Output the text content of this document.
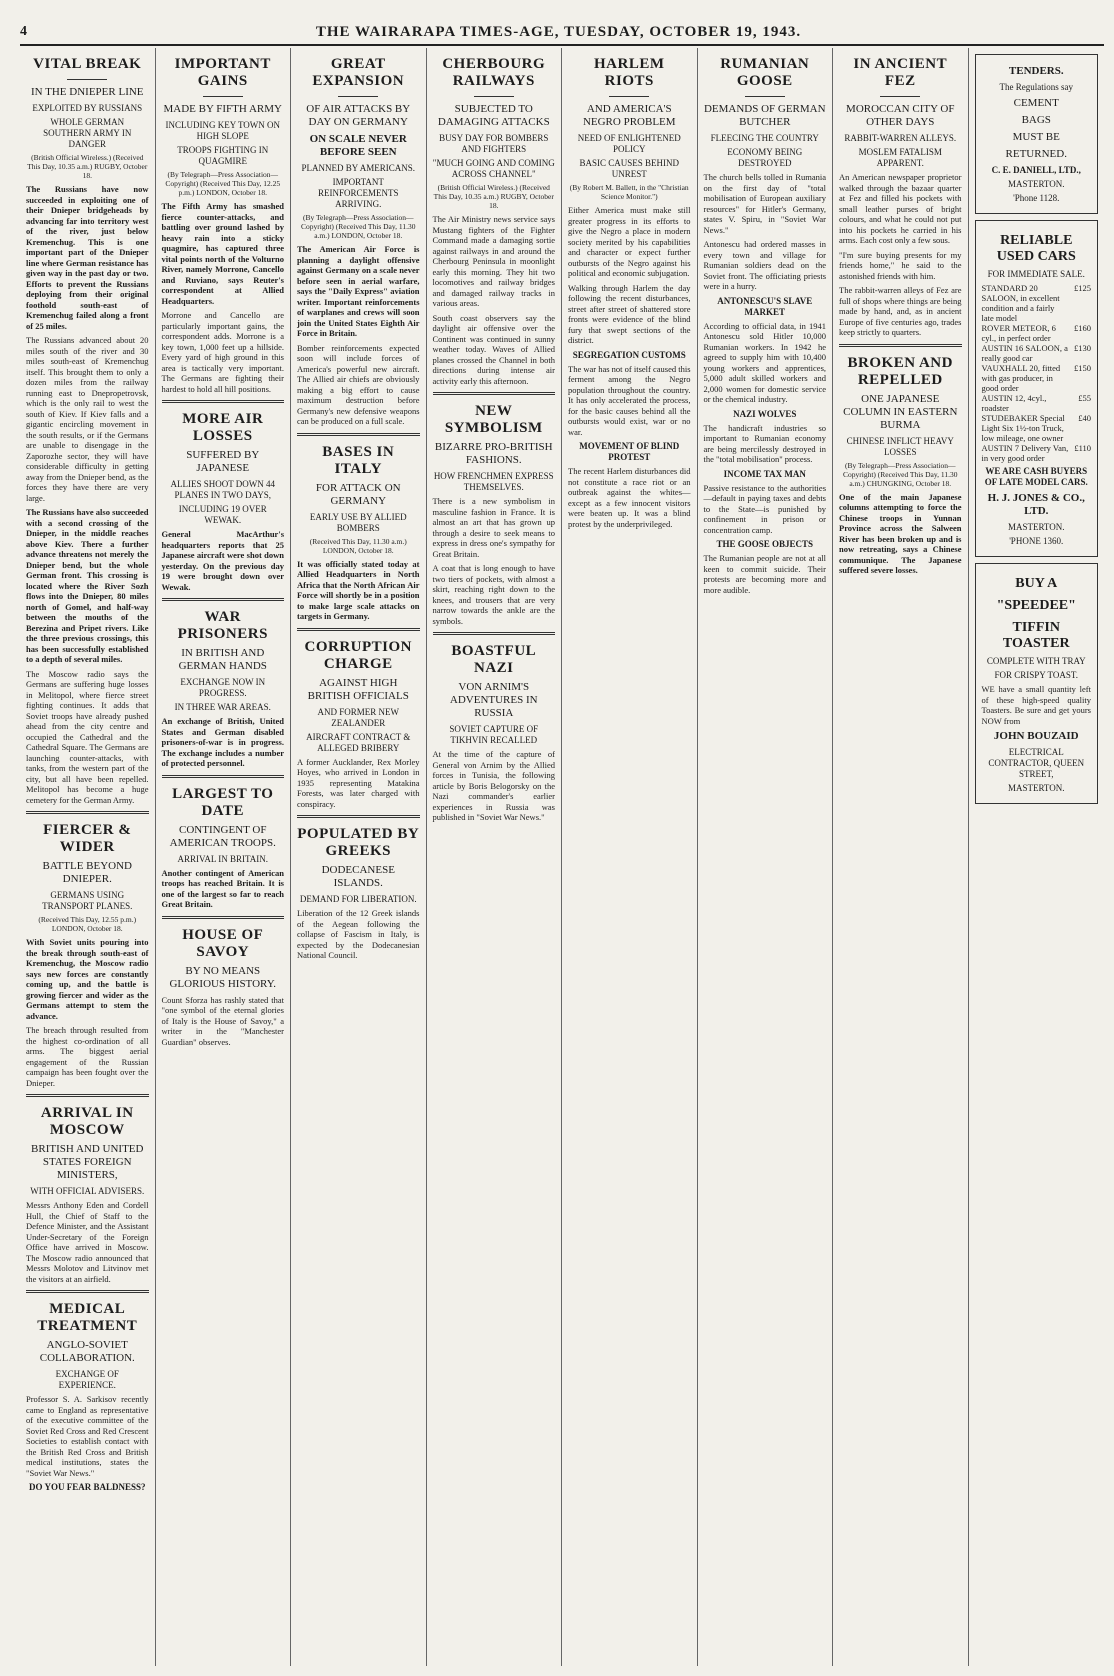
4	THE WAIRARAPA TIMES-AGE, TUESDAY, OCTOBER 19, 1943.
VITAL BREAK
IN THE DNIEPER LINE
EXPLOITED BY RUSSIANS
WHOLE GERMAN SOUTHERN ARMY IN DANGER
(British Official Wireless.) (Received This Day, 10.35 a.m.) RUGBY, October 18.
The Russians have now succeeded in exploiting one of their Dnieper bridgeheads by advancing far into territory west of the river, just below Kremenchug. This is one important part of the Dnieper line where German resistance has given way in the past day or two. Efforts to prevent the Russians deploying from their original foothold south-east of Kremenchug failed along a front of 25 miles.
The Russians advanced about 20 miles south of the river and 30 miles south-east of Kremenchug itself. This brought them to only a dozen miles from the railway running east to Dnepropetrovsk, which is the only rail to west the south of Kiev. If Kiev falls and a gigantic encircling movement in the south results, or if the Germans are unable to disengage in the Zaporozhe sector, they will have considerable difficulty in getting away from the Dnieper bend, as the forces they have there are very large.
The Russians have also succeeded with a second crossing of the Dnieper, in the middle reaches above Kiev. There a further advance threatens not merely the Dnieper bend, but the whole German front. This crossing is located where the River Sozh flows into the Dnieper, 80 miles north of Gomel, and half-way between the mouths of the Berezina and Pripet rivers. Like the three previous crossings, this has been successfully established to a depth of several miles.
The Moscow radio says the Germans are suffering huge losses in Melitopol, where fierce street fighting continues. It adds that Soviet troops have already pushed ahead from the city centre and occupied the Cathedral and the Cathedral Square. The Germans are launching counter-attacks, with tanks, from the western part of the city, but all have been repelled. Melitopol has become a huge cemetery for the German Army.
FIERCER & WIDER
BATTLE BEYOND DNIEPER.
GERMANS USING TRANSPORT PLANES.
(Received This Day, 12.55 p.m.) LONDON, October 18.
With Soviet units pouring into the break through south-east of Kremenchug, the Moscow radio says new forces are constantly coming up, and the battle is growing fiercer and wider as the Germans attempt to stem the advance.
The breach through resulted from the highest co-ordination of all arms. The biggest aerial engagement of the Russian campaign has been fought over the Dnieper.
ARRIVAL IN MOSCOW
BRITISH AND UNITED STATES FOREIGN MINISTERS,
WITH OFFICIAL ADVISERS.
Messrs Anthony Eden and Cordell Hull, the Chief of Staff to the Defence Minister, and the Assistant Under-Secretary of the Foreign Office have arrived in Moscow. The Moscow radio announced that Messrs Molotov and Litvinov met the visitors at an airfield.
MEDICAL TREATMENT
ANGLO-SOVIET COLLABORATION.
EXCHANGE OF EXPERIENCE.
Professor S. A. Sarkisov recently came to England as representative of the executive committee of the Soviet Red Cross and Red Crescent Societies to establish contact with the British Red Cross and British medical institutions, states the "Soviet War News."
DO YOU FEAR BALDNESS?
IMPORTANT GAINS
MADE BY FIFTH ARMY
INCLUDING KEY TOWN ON HIGH SLOPE
TROOPS FIGHTING IN QUAGMIRE
(By Telegraph—Press Association—Copyright) (Received This Day, 12.25 p.m.) LONDON, October 18.
The Fifth Army has smashed fierce counter-attacks, and battling over ground lashed by heavy rain into a sticky quagmire, has captured three vital points north of the Volturno River, namely Morrone, Cancello and Ruviano, says Reuter's correspondent at Allied Headquarters.
Morrone and Cancello are particularly important gains, the correspondent adds. Morrone is a key town, 1,000 feet up a hillside. Every yard of high ground in this area is tactically very important. The Germans are fighting their hardest to hold all hill positions.
MORE AIR LOSSES
SUFFERED BY JAPANESE
ALLIES SHOOT DOWN 44 PLANES IN TWO DAYS,
INCLUDING 19 OVER WEWAK.
General MacArthur's headquarters reports that 25 Japanese aircraft were shot down yesterday. On the previous day 19 were brought down over Wewak.
WAR PRISONERS
IN BRITISH AND GERMAN HANDS
EXCHANGE NOW IN PROGRESS.
IN THREE WAR AREAS.
An exchange of British, United States and German disabled prisoners-of-war is in progress. The exchange includes a number of protected personnel.
LARGEST TO DATE
CONTINGENT OF AMERICAN TROOPS.
ARRIVAL IN BRITAIN.
Another contingent of American troops has reached Britain. It is one of the largest so far to reach Great Britain.
HOUSE OF SAVOY
BY NO MEANS GLORIOUS HISTORY.
Count Sforza has rashly stated that "one symbol of the eternal glories of Italy is the House of Savoy," a writer in the "Manchester Guardian" observes.
GREAT EXPANSION
OF AIR ATTACKS BY DAY ON GERMANY
ON SCALE NEVER BEFORE SEEN
PLANNED BY AMERICANS.
IMPORTANT REINFORCEMENTS ARRIVING.
(By Telegraph—Press Association—Copyright) (Received This Day, 11.30 a.m.) LONDON, October 18.
The American Air Force is planning a daylight offensive against Germany on a scale never before seen in aerial warfare, says the "Daily Express" aviation writer. Important reinforcements of warplanes and crews will soon join the United States Eighth Air Force in Britain.
Bomber reinforcements expected soon will include forces of America's powerful new aircraft. The Allied air chiefs are obviously making a big effort to cause maximum destruction before Germany's new defensive weapons can be produced on a full scale.
BASES IN ITALY
FOR ATTACK ON GERMANY
EARLY USE BY ALLIED BOMBERS
(Received This Day, 11.30 a.m.) LONDON, October 18.
It was officially stated today at Allied Headquarters in North Africa that the North African Air Force will shortly be in a position to make large scale attacks on targets in Germany.
CORRUPTION CHARGE
AGAINST HIGH BRITISH OFFICIALS
AND FORMER NEW ZEALANDER
AIRCRAFT CONTRACT & ALLEGED BRIBERY
A former Aucklander, Rex Morley Hoyes, who arrived in London in 1935 representing Matakina Forests, was later charged with conspiracy.
POPULATED BY GREEKS
DODECANESE ISLANDS.
DEMAND FOR LIBERATION.
Liberation of the 12 Greek islands of the Aegean following the collapse of Fascism in Italy, is expected by the Dodecanesian National Council.
CHERBOURG RAILWAYS
SUBJECTED TO DAMAGING ATTACKS
BUSY DAY FOR BOMBERS AND FIGHTERS
"MUCH GOING AND COMING ACROSS CHANNEL"
(British Official Wireless.) (Received This Day, 10.35 a.m.) RUGBY, October 18.
The Air Ministry news service says Mustang fighters of the Fighter Command made a damaging sortie against railways in and around the Cherbourg Peninsula in moonlight early this morning. They hit two locomotives and railway bridges and damaged railway tracks in various areas.
South coast observers say the daylight air offensive over the Continent was continued in sunny weather today. Waves of Allied planes crossed the Channel in both directions during intense air activity early this afternoon.
NEW SYMBOLISM
BIZARRE PRO-BRITISH FASHIONS.
HOW FRENCHMEN EXPRESS THEMSELVES.
There is a new symbolism in masculine fashion in France. It is almost an art that has grown up through a desire to seek means to express in dress one's sympathy for Great Britain.
A coat that is long enough to have two tiers of pockets, with almost a skirt, reaching right down to the knees, and trousers that are very narrow towards the ankle are the symbols.
BOASTFUL NAZI
VON ARNIM'S ADVENTURES IN RUSSIA
SOVIET CAPTURE OF TIKHVIN RECALLED
At the time of the capture of General von Arnim by the Allied forces in Tunisia, the following article by Boris Belogorsky on the Nazi commander's earlier experiences in Russia was published in "Soviet War News."
HARLEM RIOTS
AND AMERICA'S NEGRO PROBLEM
NEED OF ENLIGHTENED POLICY
BASIC CAUSES BEHIND UNREST
(By Robert M. Ballett, in the "Christian Science Monitor.")
Either America must make still greater progress in its efforts to give the Negro a place in modern society merited by his capabilities and character or expect further outbursts of the Negro against his political and economic subjugation.
Walking through Harlem the day following the recent disturbances, street after street of shattered store fronts were evidence of the blind fury that swept sections of the district.
SEGREGATION CUSTOMS
The war has not of itself caused this ferment among the Negro population throughout the country. It has only accelerated the process, for the basic causes behind all the outbursts would exist, war or no war.
MOVEMENT OF BLIND PROTEST
The recent Harlem disturbances did not constitute a race riot or an outbreak against the whites—except as a few innocent visitors were beaten up. It was a blind protest by the underprivileged.
RUMANIAN GOOSE
DEMANDS OF GERMAN BUTCHER
FLEECING THE COUNTRY
ECONOMY BEING DESTROYED
The church bells tolled in Rumania on the first day of "total mobilisation of European auxiliary resources" for Hitler's Germany, states V. Spiru, in "Soviet War News."
Antonescu had ordered masses in every town and village for Rumanian soldiers dead on the Soviet front. The officiating priests were in a hurry.
ANTONESCU'S SLAVE MARKET
According to official data, in 1941 Antonescu sold Hitler 10,000 Rumanian workers. In 1942 he agreed to supply him with 10,400 young workers and apprentices, 5,000 adult skilled workers and 2,000 women for domestic service or the chemical industry.
NAZI WOLVES
The handicraft industries so important to Rumanian economy are being mercilessly destroyed in the "total mobilisation" process.
INCOME TAX MAN
Passive resistance to the authorities—default in paying taxes and debts to the State—is punished by confinement in prison or concentration camp.
THE GOOSE OBJECTS
The Rumanian people are not at all keen to commit suicide. Their protests are becoming more and more audible.
IN ANCIENT FEZ
MOROCCAN CITY OF OTHER DAYS
RABBIT-WARREN ALLEYS.
MOSLEM FATALISM APPARENT.
An American newspaper proprietor walked through the bazaar quarter at Fez and filled his pockets with small leather purses of bright colours, and what he could not put into his pockets he carried in his arms. Each cost only a few sous.
"I'm sure buying presents for my friends home," he said to the astonished friends with him.
The rabbit-warren alleys of Fez are full of shops where things are being made by hand, and, as in ancient Europe of five centuries ago, trades keep strictly to quarters.
BROKEN AND REPELLED
ONE JAPANESE COLUMN IN EASTERN BURMA
CHINESE INFLICT HEAVY LOSSES
(By Telegraph—Press Association—Copyright) (Received This Day, 11.30 a.m.) CHUNGKING, October 18.
One of the main Japanese columns attempting to force the Chinese troops in Yunnan Province across the Salween River has been broken up and is now retreating, says a Chinese communique. The Japanese suffered severe losses.
TENDERS.
The Regulations say
CEMENT
BAGS
MUST BE
RETURNED.
C. E. DANIELL, LTD.,
MASTERTON.
'Phone 1128.
RELIABLE USED CARS
FOR IMMEDIATE SALE.
STANDARD 20 SALOON, in excellent condition and a fairly late model
£125
ROVER METEOR, 6 cyl., in perfect order
£160
AUSTIN 16 SALOON, a really good car
£130
VAUXHALL 20, fitted with gas producer, in good order
£150
AUSTIN 12, 4cyl., roadster
£55
STUDEBAKER Special Light Six 1½-ton Truck, low mileage, one owner
£40
AUSTIN 7 Delivery Van, in very good order
£110
WE ARE CASH BUYERS OF LATE MODEL CARS.
H. J. JONES & CO., LTD.
MASTERTON.
'PHONE 1360.
BUY A
"SPEEDEE"
TIFFIN TOASTER
COMPLETE WITH TRAY
FOR CRISPY TOAST.
WE have a small quantity left of these high-speed quality Toasters. Be sure and get yours NOW from
JOHN BOUZAID
ELECTRICAL CONTRACTOR, QUEEN STREET,
MASTERTON.
